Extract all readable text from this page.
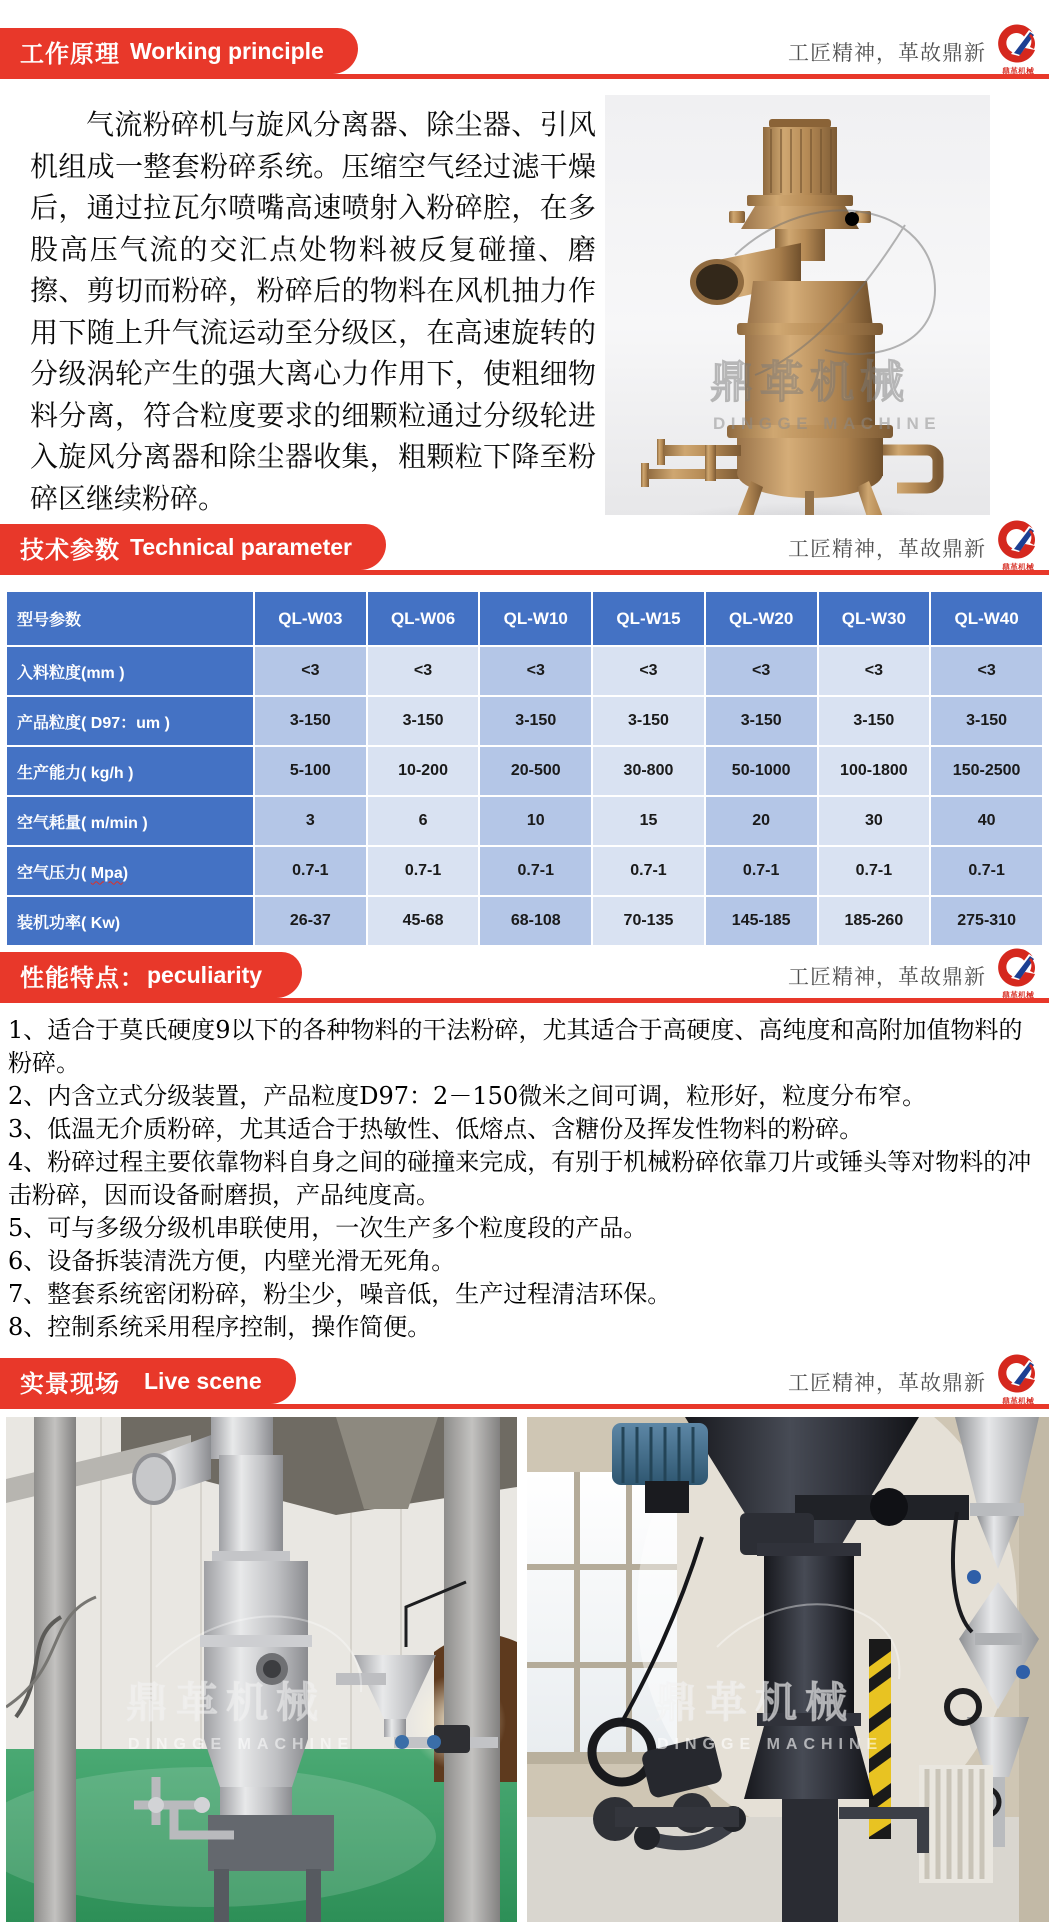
工作原理 Working principle	工匠精神，革故鼎新

气流粉碎机与旋风分离器、除尘器、引风机组成一整套粉碎系统。压缩空气经过滤干燥后，通过拉瓦尔喷嘴高速喷射入粉碎腔，在多股高压气流的交汇点处物料被反复碰撞、磨擦、剪切而粉碎，粉碎后的物料在风机抽力作用下随上升气流运动至分级区，在高速旋转的分级涡轮产生的强大离心力作用下，使粗细物料分离，符合粒度要求的细颗粒通过分级轮进入旋风分离器和除尘器收集，粗颗粒下降至粉碎区继续粉碎。

鼎革机械
DINGGE MACHINE
技术参数 Technical parameter	工匠精神，革故鼎新
型号参数	QL-W03	QL-W06	QL-W10	QL-W15	QL-W20	QL-W30	QL-W40
入料粒度(mm )	<3	<3	<3	<3	<3	<3	<3
产品粒度( D97：um )	3-150	3-150	3-150	3-150	3-150	3-150	3-150
生产能力( kg/h )	5-100	10-200	20-500	30-800	50-1000	100-1800	150-2500
空气耗量( m/min )	3	6	10	15	20	30	40
空气压力( Mpa)	0.7-1	0.7-1	0.7-1	0.7-1	0.7-1	0.7-1	0.7-1
装机功率( Kw)	26-37	45-68	68-108	70-135	145-185	185-260	275-310
性能特点： peculiarity	工匠精神，革故鼎新

1、适合于莫氏硬度9以下的各种物料的干法粉碎，尤其适合于高硬度、高纯度和高附加值物料的粉碎。

2、内含立式分级装置，产品粒度D97：2－150微米之间可调，粒形好，粒度分布窄。

3、低温无介质粉碎，尤其适合于热敏性、低熔点、含糖份及挥发性物料的粉碎。

4、粉碎过程主要依靠物料自身之间的碰撞来完成，有别于机械粉碎依靠刀片或锤头等对物料的冲击粉碎，因而设备耐磨损，产品纯度高。

5、可与多级分级机串联使用，一次生产多个粒度段的产品。

6、设备拆装清洗方便，内壁光滑无死角。

7、整套系统密闭粉碎，粉尘少，噪音低，生产过程清洁环保。

8、控制系统采用程序控制，操作简便。

实景现场 Live scene	工匠精神，革故鼎新
鼎革机械
DINGGE MACHINE
鼎革机械
DINGGE MACHINE
